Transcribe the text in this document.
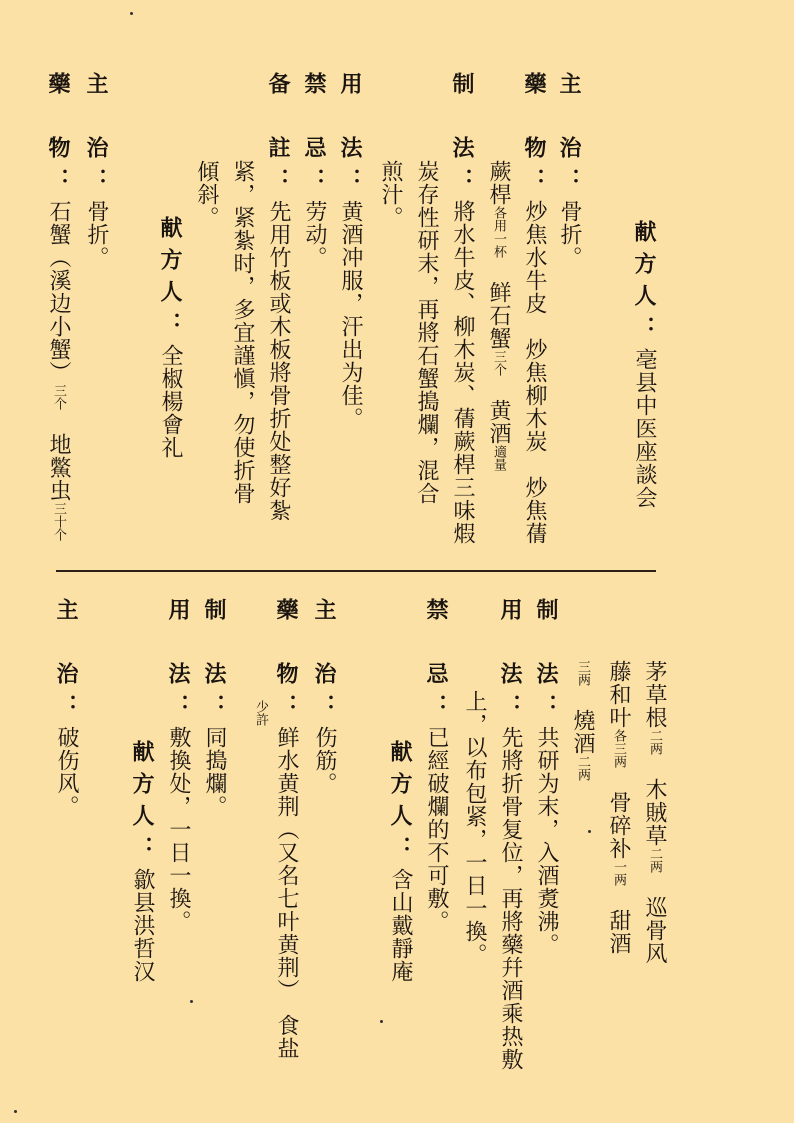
主　治：骨折。 献方人：亳县中医座談会
藥　物：炒焦水牛皮　炒焦柳木炭　炒焦蒨
蕨桿各用一杯　鲜石蟹三个　黄酒適量
制　法：將水牛皮、柳木炭、蒨蕨桿三味煆
炭存性研末，再將石蟹搗爛，混合
煎汁。
用　法：黄酒冲服，汗出为佳。
禁　忌：劳动。
备　註：先用竹板或木板將骨折处整好紮
紧，紧紮时，多宜謹愼，勿使折骨
傾斜。
献方人：全椒楊會礼
主　治：骨折。
藥　物：石蟹（溪边小蟹）三个　地鱉虫三十个
茅草根二两　木賊草二两　巡骨风
藤和叶各三两　骨碎补一两　甜酒
三两　燒酒二两
制　法：共研为末，入酒煑沸。
用　法：先將折骨复位，再將藥幷酒乘热敷
上，以布包紧，一日一換。
禁　忌：已經破爛的不可敷。
献方人：含山戴靜庵
主　治：伤筋。
藥　物：鲜水黄荆（又名七叶黄荆）　食盐
少許
制　法：同搗爛。
用　法：敷換处，一日一換。
献方人：歙县洪哲汉
主　治：破伤风。
